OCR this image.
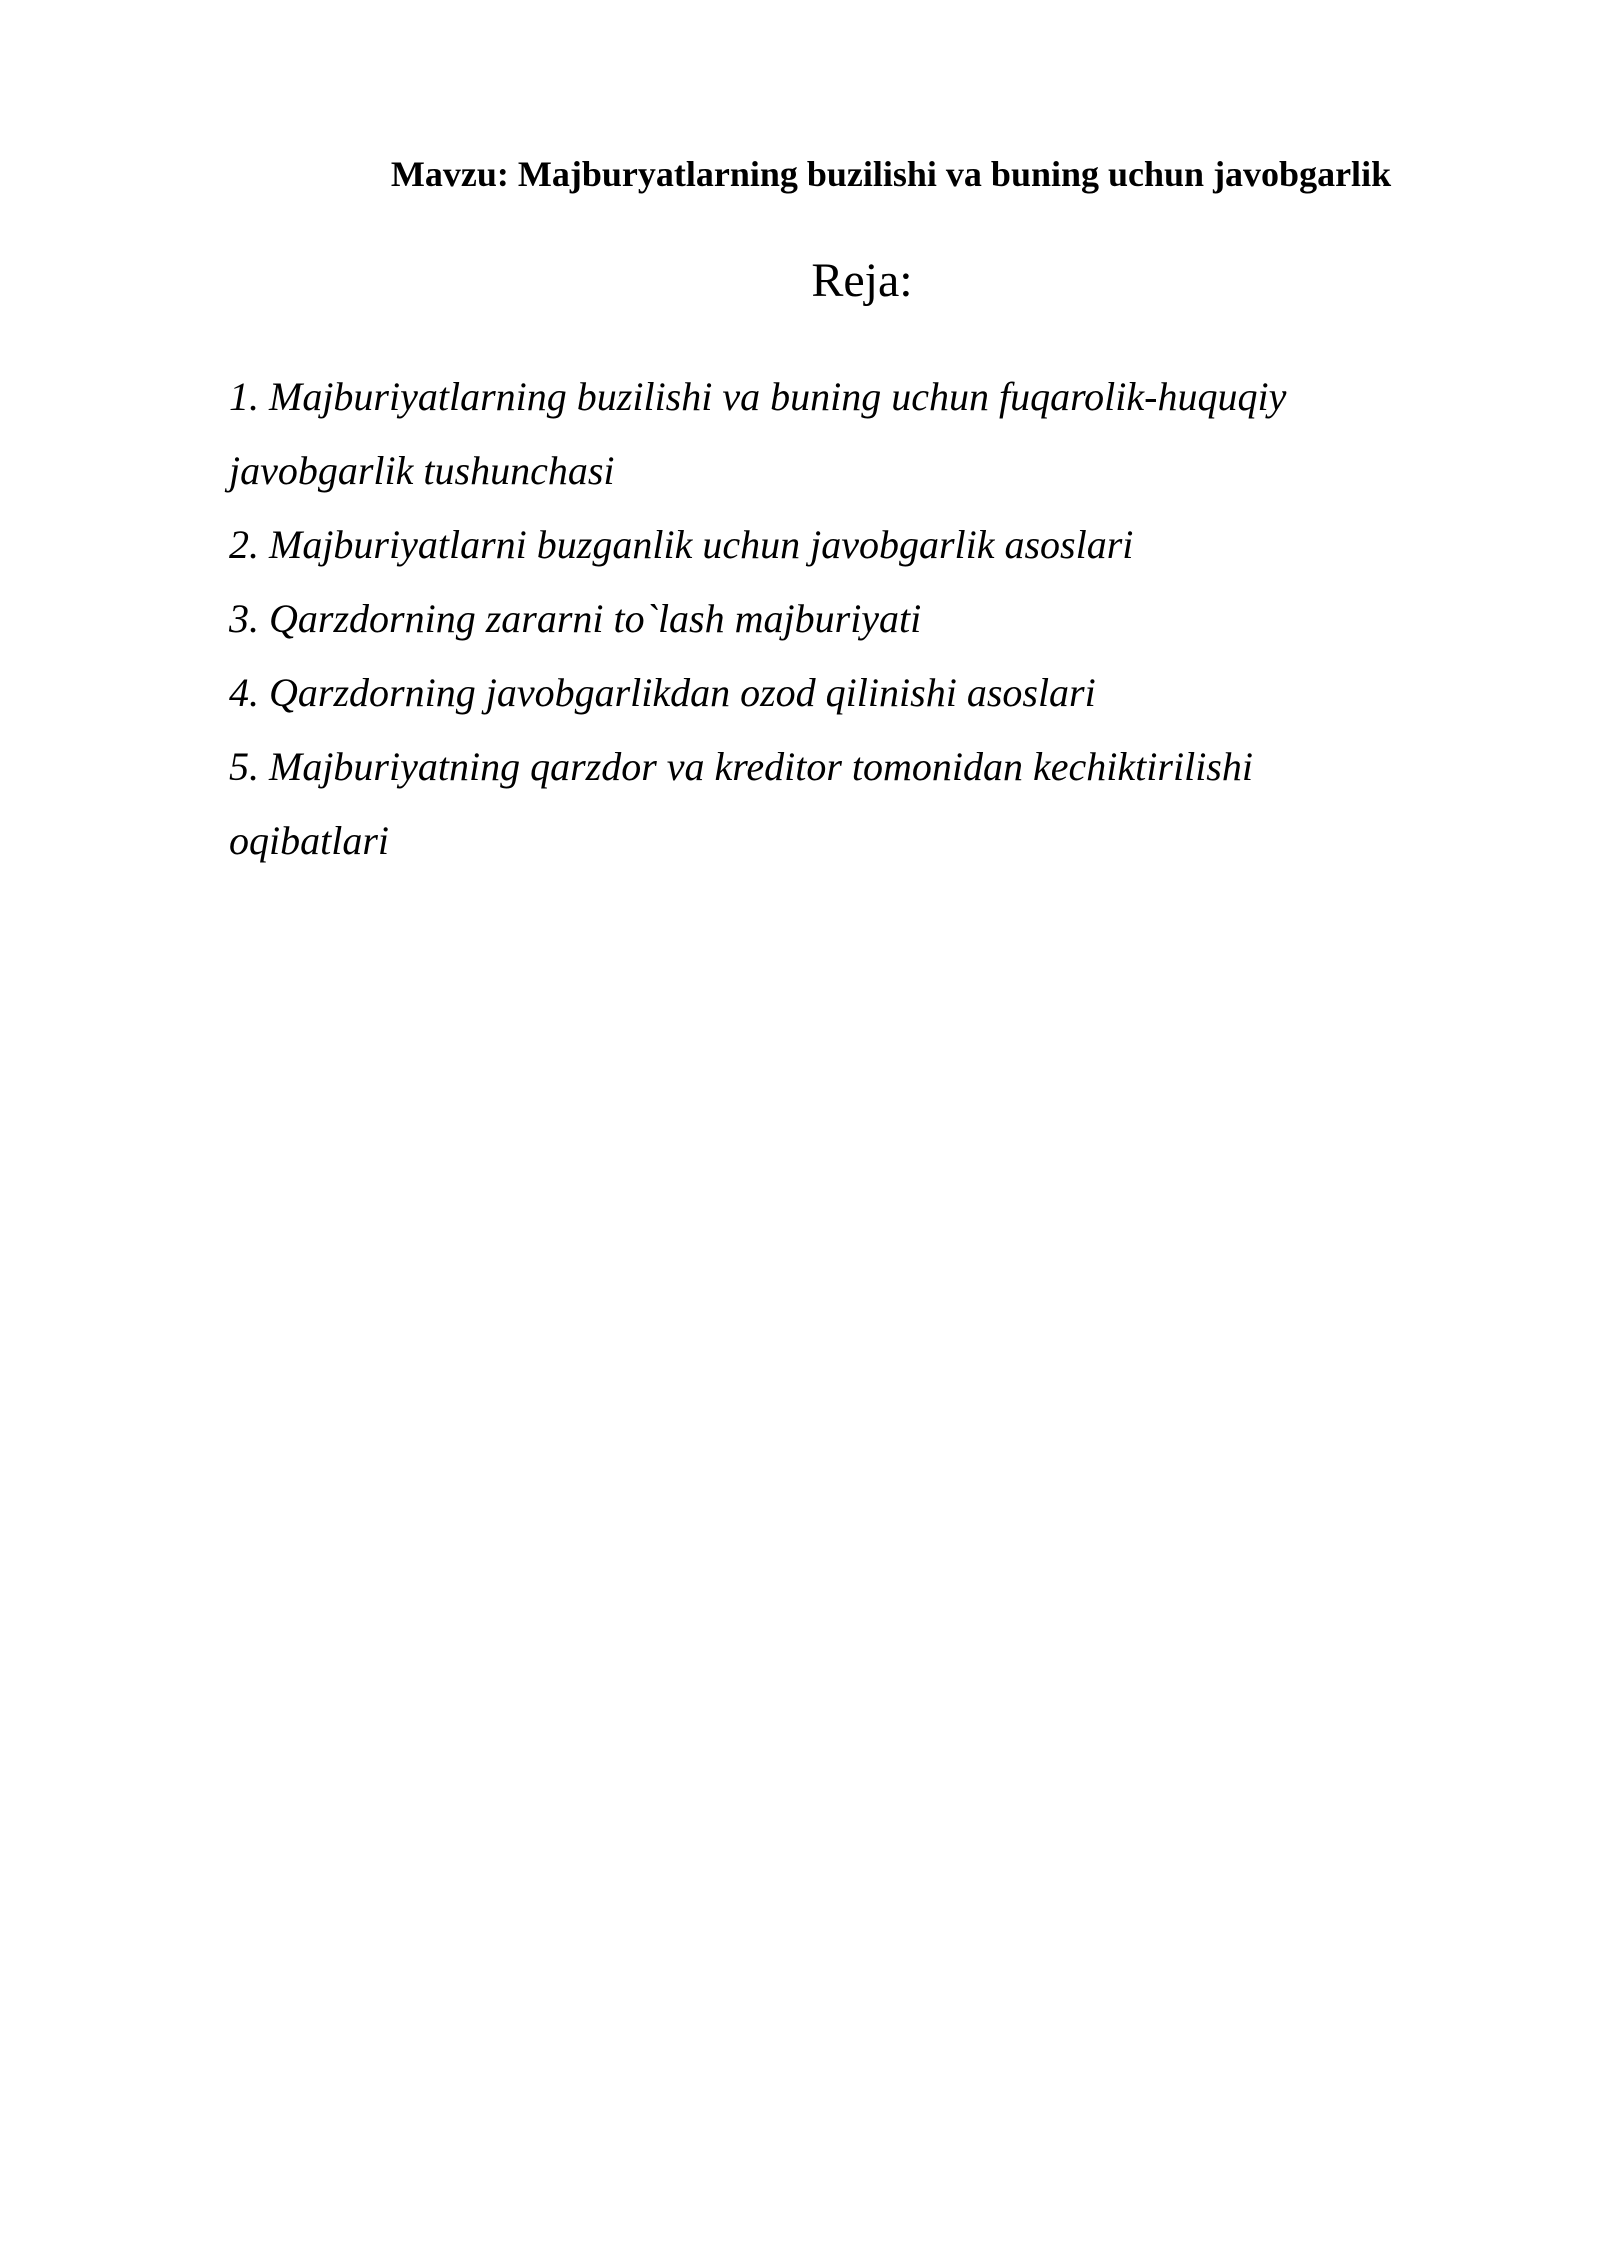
Mavzu: Majburyatlarning buzilishi va buning uchun javobgarlik
Reja:
1. Majburiyatlarning buzilishi va buning uchun fuqarolik-huquqiy javobgarlik tushunchasi
2. Majburiyatlarni buzganlik uchun javobgarlik asoslari
3. Qarzdorning zararni to`lash majburiyati
4. Qarzdorning javobgarlikdan ozod qilinishi asoslari
5. Majburiyatning qarzdor va kreditor tomonidan kechiktirilishi oqibatlari
